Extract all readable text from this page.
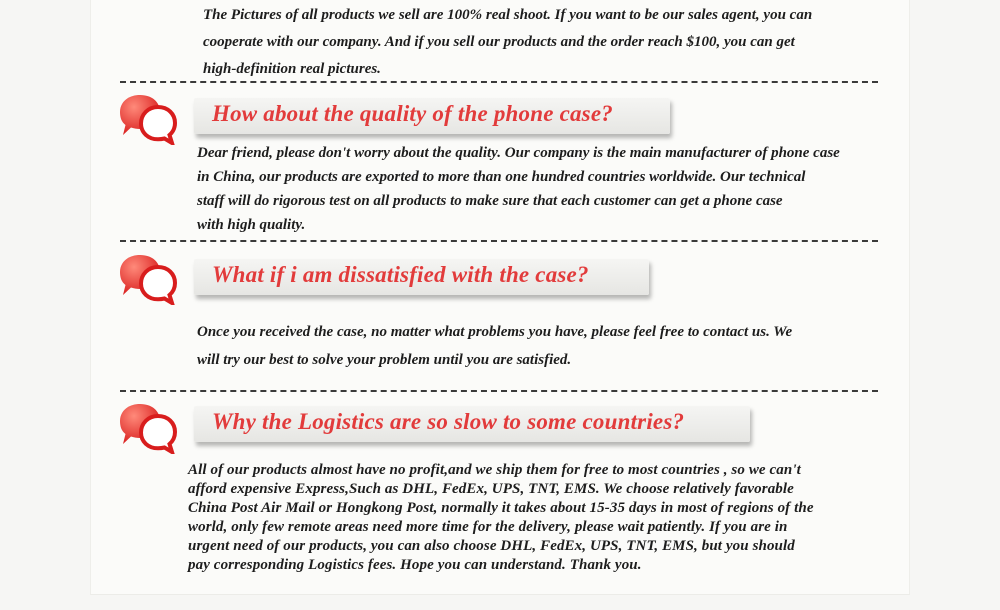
The Pictures of all products we sell are 100% real shoot. If you want to be our sales agent, you can
cooperate with our company. And if you sell our products and the order reach $100, you can get
high-definition real pictures.

How about the quality of the phone case?

Dear friend, please don't worry about the quality. Our company is the main manufacturer of phone case
in China, our products are exported to more than one hundred countries worldwide. Our technical
staff will do rigorous test on all products to make sure that each customer can get a phone case
with high quality.

What if i am dissatisfied with the case?

Once you received the case, no matter what problems you have, please feel free to contact us. We
will try our best to solve your problem until you are satisfied.

Why the Logistics are so slow to some countries?

All of our products almost have no profit,and we ship them for free to most countries , so we can't
afford expensive Express,Such as DHL, FedEx, UPS, TNT, EMS. We choose relatively favorable
China Post Air Mail or Hongkong Post, normally it takes about 15-35 days in most of regions of the
world, only few remote areas need more time for the delivery, please wait patiently. If you are in
urgent need of our products, you can also choose DHL, FedEx, UPS, TNT, EMS, but you should
pay corresponding Logistics fees. Hope you can understand. Thank you.
